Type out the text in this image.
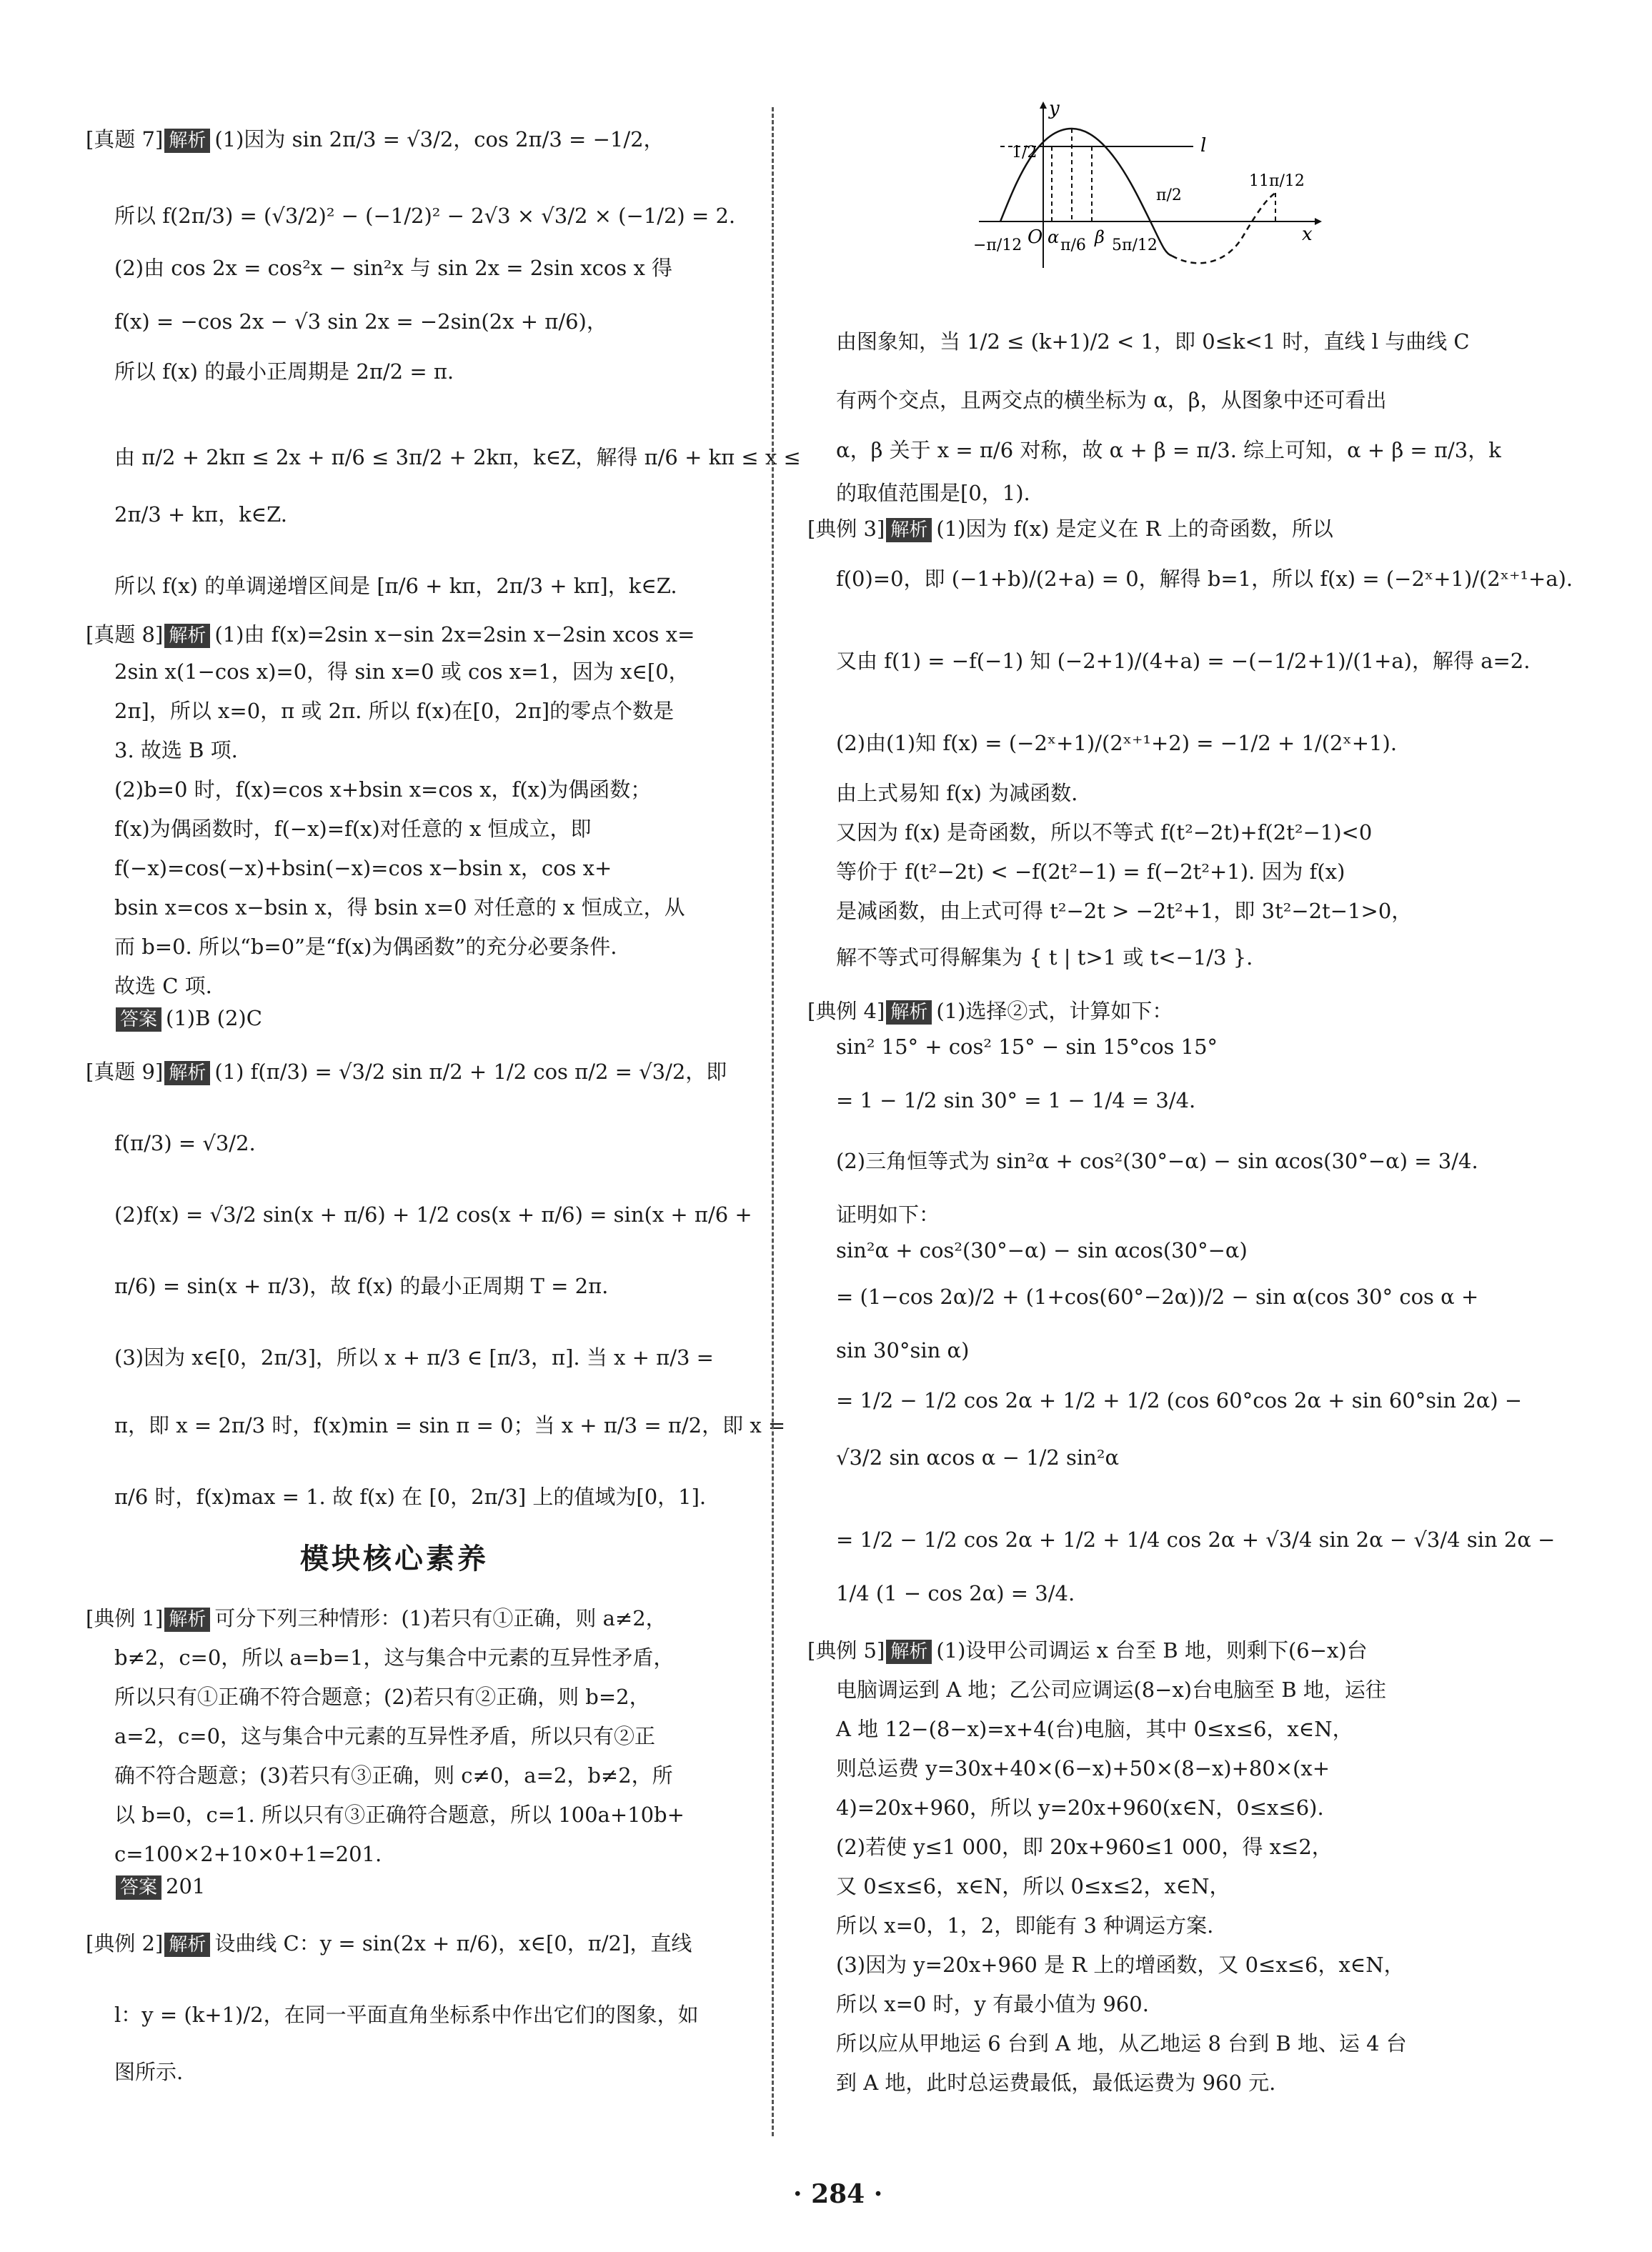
[真题 7] 解析 (1)因为 sin 2π/3 = √3/2，cos 2π/3 = −1/2，
所以 f(2π/3) = (√3/2)² − (−1/2)² − 2√3 × √3/2 × (−1/2) = 2.
(2)由 cos 2x = cos²x − sin²x 与 sin 2x = 2sin xcos x 得
f(x) = −cos 2x − √3 sin 2x = −2sin(2x + π/6)，
所以 f(x) 的最小正周期是 2π/2 = π.
由 π/2 + 2kπ ≤ 2x + π/6 ≤ 3π/2 + 2kπ，k∈Z，解得 π/6 + kπ ≤ x ≤
2π/3 + kπ，k∈Z.
所以 f(x) 的单调递增区间是 [π/6 + kπ，2π/3 + kπ]，k∈Z.
[真题 8] 解析 (1)由 f(x)=2sin x−sin 2x=2sin x−2sin xcos x=
2sin x(1−cos x)=0，得 sin x=0 或 cos x=1，因为 x∈[0，
2π]，所以 x=0，π 或 2π. 所以 f(x)在[0，2π]的零点个数是
3. 故选 B 项.
(2)b=0 时，f(x)=cos x+bsin x=cos x，f(x)为偶函数；
f(x)为偶函数时，f(−x)=f(x)对任意的 x 恒成立，即
f(−x)=cos(−x)+bsin(−x)=cos x−bsin x，cos x+
bsin x=cos x−bsin x，得 bsin x=0 对任意的 x 恒成立，从
而 b=0. 所以“b=0”是“f(x)为偶函数”的充分必要条件.
故选 C 项.
答案 (1)B (2)C
[真题 9] 解析 (1) f(π/3) = √3/2 sin π/2 + 1/2 cos π/2 = √3/2，即
f(π/3) = √3/2.
(2)f(x) = √3/2 sin(x + π/6) + 1/2 cos(x + π/6) = sin(x + π/6 +
π/6) = sin(x + π/3)，故 f(x) 的最小正周期 T = 2π.
(3)因为 x∈[0，2π/3]，所以 x + π/3 ∈ [π/3，π]. 当 x + π/3 =
π，即 x = 2π/3 时，f(x)min = sin π = 0；当 x + π/3 = π/2，即 x =
π/6 时，f(x)max = 1. 故 f(x) 在 [0，2π/3] 上的值域为[0，1].
[典例 1] 解析 可分下列三种情形：(1)若只有①正确，则 a≠2，
b≠2，c=0，所以 a=b=1，这与集合中元素的互异性矛盾，
所以只有①正确不符合题意；(2)若只有②正确，则 b=2，
a=2，c=0，这与集合中元素的互异性矛盾，所以只有②正
确不符合题意；(3)若只有③正确，则 c≠0，a=2，b≠2，所
以 b=0，c=1. 所以只有③正确符合题意，所以 100a+10b+
c=100×2+10×0+1=201.
答案 201
[典例 2] 解析 设曲线 C：y = sin(2x + π/6)，x∈[0，π/2]，直线
l：y = (k+1)/2，在同一平面直角坐标系中作出它们的图象，如
图所示.
由图象知，当 1/2 ≤ (k+1)/2 < 1，即 0≤k<1 时，直线 l 与曲线 C
有两个交点，且两交点的横坐标为 α，β，从图象中还可看出
α，β 关于 x = π/6 对称，故 α + β = π/3. 综上可知，α + β = π/3，k
的取值范围是[0，1).
[典例 3] 解析 (1)因为 f(x) 是定义在 R 上的奇函数，所以
f(0)=0，即 (−1+b)/(2+a) = 0，解得 b=1，所以 f(x) = (−2ˣ+1)/(2ˣ⁺¹+a).
又由 f(1) = −f(−1) 知 (−2+1)/(4+a) = −(−1/2+1)/(1+a)，解得 a=2.
(2)由(1)知 f(x) = (−2ˣ+1)/(2ˣ⁺¹+2) = −1/2 + 1/(2ˣ+1).
由上式易知 f(x) 为减函数.
又因为 f(x) 是奇函数，所以不等式 f(t²−2t)+f(2t²−1)<0
等价于 f(t²−2t) < −f(2t²−1) = f(−2t²+1). 因为 f(x)
是减函数，由上式可得 t²−2t > −2t²+1，即 3t²−2t−1>0，
解不等式可得解集为 { t | t>1 或 t<−1/3 }.
[典例 4] 解析 (1)选择②式，计算如下：
sin² 15° + cos² 15° − sin 15°cos 15°
= 1 − 1/2 sin 30° = 1 − 1/4 = 3/4.
(2)三角恒等式为 sin²α + cos²(30°−α) − sin αcos(30°−α) = 3/4.
证明如下：
sin²α + cos²(30°−α) − sin αcos(30°−α)
= (1−cos 2α)/2 + (1+cos(60°−2α))/2 − sin α(cos 30° cos α +
sin 30°sin α)
= 1/2 − 1/2 cos 2α + 1/2 + 1/2 (cos 60°cos 2α + sin 60°sin 2α) −
√3/2 sin αcos α − 1/2 sin²α
= 1/2 − 1/2 cos 2α + 1/2 + 1/4 cos 2α + √3/4 sin 2α − √3/4 sin 2α −
1/4 (1 − cos 2α) = 3/4.
[典例 5] 解析 (1)设甲公司调运 x 台至 B 地，则剩下(6−x)台
电脑调运到 A 地；乙公司应调运(8−x)台电脑至 B 地，运往
A 地 12−(8−x)=x+4(台)电脑，其中 0≤x≤6，x∈N，
则总运费 y=30x+40×(6−x)+50×(8−x)+80×(x+
4)=20x+960，所以 y=20x+960(x∈N，0≤x≤6).
(2)若使 y≤1 000，即 20x+960≤1 000，得 x≤2，
又 0≤x≤6，x∈N，所以 0≤x≤2，x∈N，
所以 x=0，1，2，即能有 3 种调运方案.
(3)因为 y=20x+960 是 R 上的增函数，又 0≤x≤6，x∈N，
所以 x=0 时，y 有最小值为 960.
所以应从甲地运 6 台到 A 地，从乙地运 8 台到 B 地、运 4 台
到 A 地，此时总运费最低，最低运费为 960 元.
模块核心素养
y
x
O
l
1/2
−π/12 α π/6 β 5π/12
π/2
11π/12
· 284 ·
